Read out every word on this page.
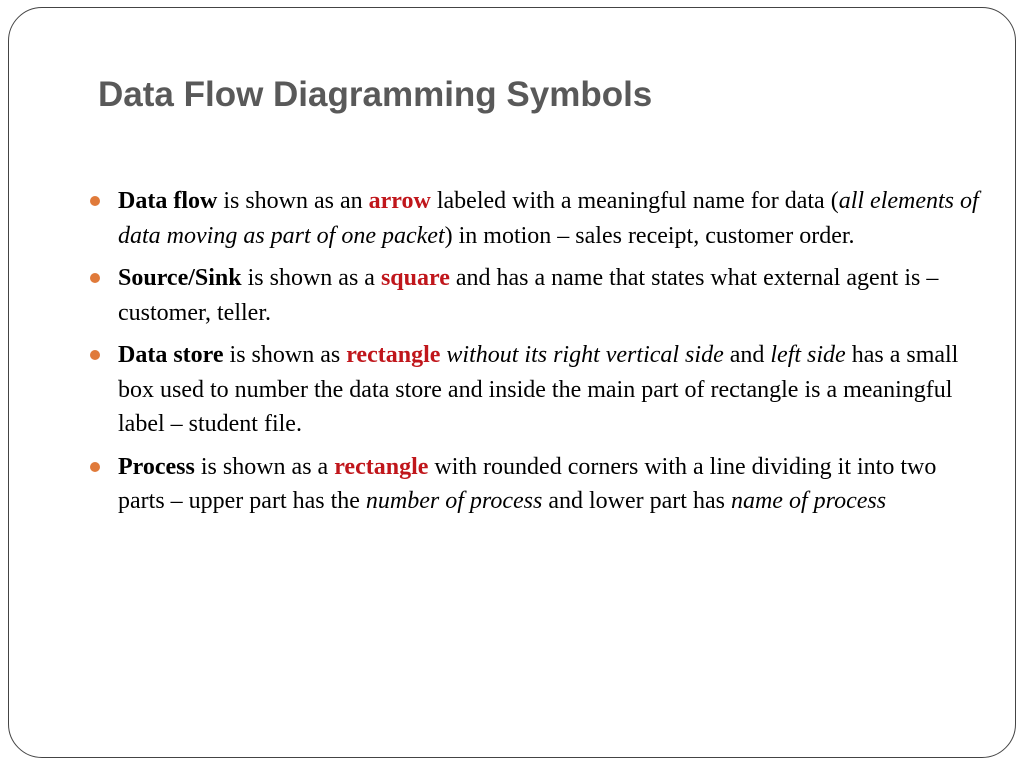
Data Flow Diagramming Symbols
Data flow is shown as an arrow labeled with a meaningful name for data (all elements of data moving as part of one packet) in motion – sales receipt, customer order.
Source/Sink is shown as a square and has a name that states what external agent is – customer, teller.
Data store is shown as rectangle without its right vertical side and left side has a small box used to number the data store and inside the main part of rectangle is a meaningful label – student file.
Process is shown as a rectangle with rounded corners with a line dividing it into two parts – upper part has the number of process and lower part has name of process
